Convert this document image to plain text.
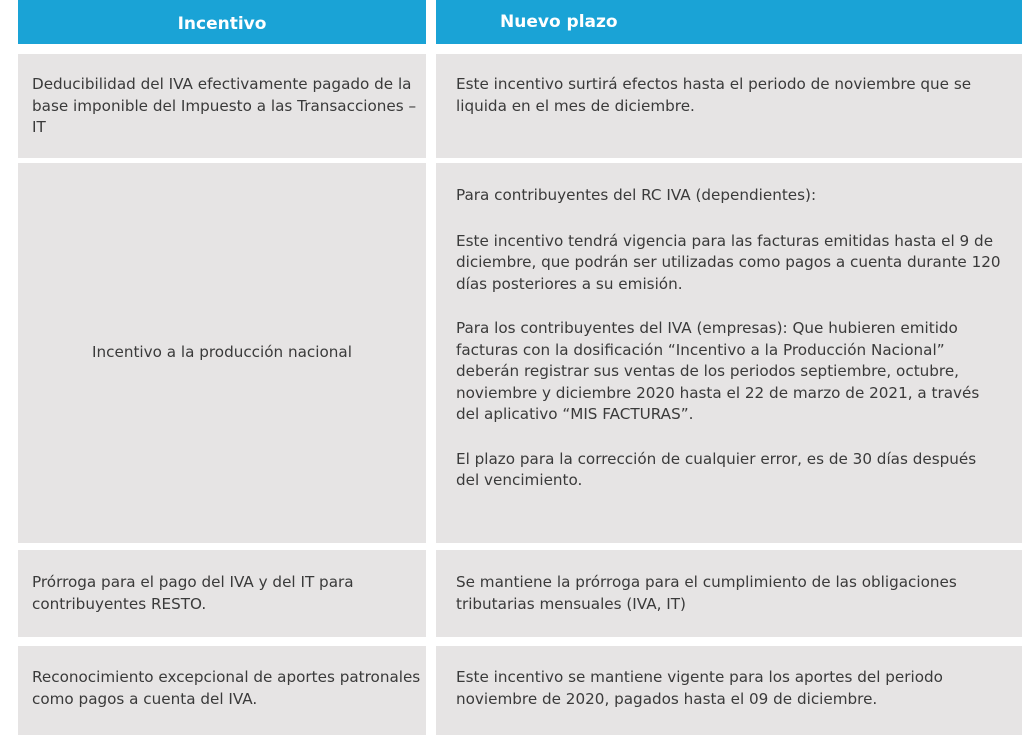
Incentivo	Nuevo plazo

Deducibilidad del IVA efectivamente pagado de la base imponible del Impuesto a las Transacciones – IT

Este incentivo surtirá efectos hasta el periodo de noviembre que se liquida en el mes de diciembre.

Incentivo a la producción nacional

Para contribuyentes del RC IVA (dependientes):

Este incentivo tendrá vigencia para las facturas emitidas hasta el 9 de diciembre, que podrán ser utilizadas como pagos a cuenta durante 120 días posteriores a su emisión.

Para los contribuyentes del IVA (empresas): Que hubieren emitido facturas con la dosificación “Incentivo a la Producción Nacional” deberán registrar sus ventas de los periodos septiembre, octubre, noviembre y diciembre 2020 hasta el 22 de marzo de 2021, a través del aplicativo “MIS FACTURAS”.

El plazo para la corrección de cualquier error, es de 30 días después del vencimiento.

Prórroga para el pago del IVA y del IT para contribuyentes RESTO.

Se mantiene la prórroga para el cumplimiento de las obligaciones tributarias mensuales (IVA, IT)

Reconocimiento excepcional de aportes patronales como pagos a cuenta del IVA.

Este incentivo se mantiene vigente para los aportes del periodo noviembre de 2020, pagados hasta el 09 de diciembre.
